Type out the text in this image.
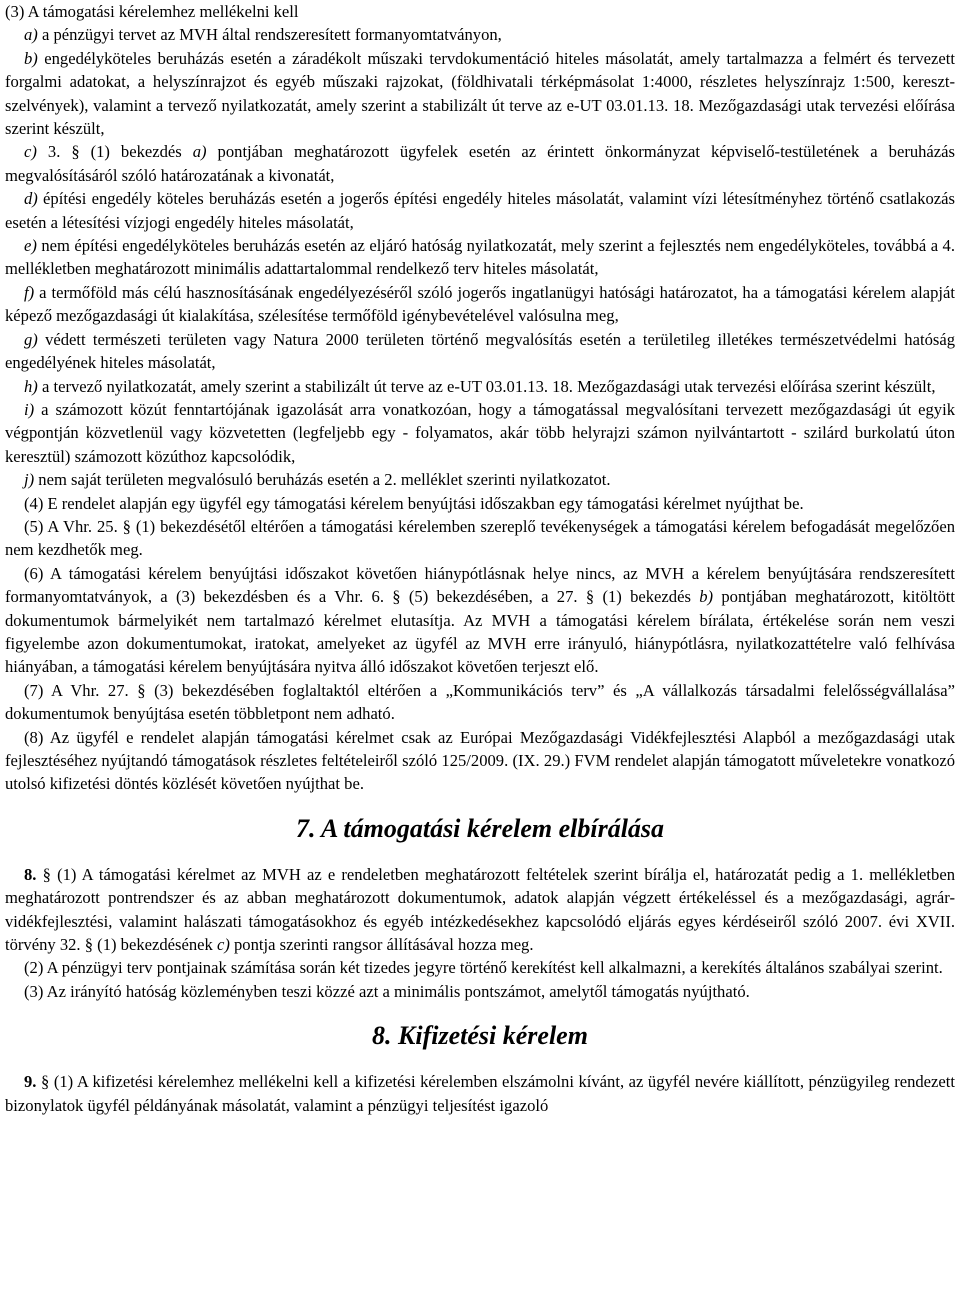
(3) A támogatási kérelemhez mellékelni kell

a) a pénzügyi tervet az MVH által rendszeresített formanyomtatványon,

b) engedélyköteles beruházás esetén a záradékolt műszaki tervdokumentáció hiteles másolatát, amely tartalmazza a felmért és tervezett forgalmi adatokat, a helyszínrajzot és egyéb műszaki rajzokat, (földhivatali térképmásolat 1:4000, részletes helyszínrajz 1:500, kereszt-szelvények), valamint a tervező nyilatkozatát, amely szerint a stabilizált út terve az e-UT 03.01.13. 18. Mezőgazdasági utak tervezési előírása szerint készült,

c) 3. § (1) bekezdés a) pontjában meghatározott ügyfelek esetén az érintett önkormányzat képviselő-testületének a beruházás megvalósításáról szóló határozatának a kivonatát,

d) építési engedély köteles beruházás esetén a jogerős építési engedély hiteles másolatát, valamint vízi létesítményhez történő csatlakozás esetén a létesítési vízjogi engedély hiteles másolatát,

e) nem építési engedélyköteles beruházás esetén az eljáró hatóság nyilatkozatát, mely szerint a fejlesztés nem engedélyköteles, továbbá a 4. mellékletben meghatározott minimális adattartalommal rendelkező terv hiteles másolatát,

f) a termőföld más célú hasznosításának engedélyezéséről szóló jogerős ingatlanügyi hatósági határozatot, ha a támogatási kérelem alapját képező mezőgazdasági út kialakítása, szélesítése termőföld igénybevételével valósulna meg,

g) védett természeti területen vagy Natura 2000 területen történő megvalósítás esetén a területileg illetékes természetvédelmi hatóság engedélyének hiteles másolatát,

h) a tervező nyilatkozatát, amely szerint a stabilizált út terve az e-UT 03.01.13. 18. Mezőgazdasági utak tervezési előírása szerint készült,

i) a számozott közút fenntartójának igazolását arra vonatkozóan, hogy a támogatással megvalósítani tervezett mezőgazdasági út egyik végpontján közvetlenül vagy közvetetten (legfeljebb egy - folyamatos, akár több helyrajzi számon nyilvántartott - szilárd burkolatú úton keresztül) számozott közúthoz kapcsolódik,

j) nem saját területen megvalósuló beruházás esetén a 2. melléklet szerinti nyilatkozatot.

(4) E rendelet alapján egy ügyfél egy támogatási kérelem benyújtási időszakban egy támogatási kérelmet nyújthat be.

(5) A Vhr. 25. § (1) bekezdésétől eltérően a támogatási kérelemben szereplő tevékenységek a támogatási kérelem befogadását megelőzően nem kezdhetők meg.

(6) A támogatási kérelem benyújtási időszakot követően hiánypótlásnak helye nincs, az MVH a kérelem benyújtására rendszeresített formanyomtatványok, a (3) bekezdésben és a Vhr. 6. § (5) bekezdésében, a 27. § (1) bekezdés b) pontjában meghatározott, kitöltött dokumentumok bármelyikét nem tartalmazó kérelmet elutasítja. Az MVH a támogatási kérelem bírálata, értékelése során nem veszi figyelembe azon dokumentumokat, iratokat, amelyeket az ügyfél az MVH erre irányuló, hiánypótlásra, nyilatkozattételre való felhívása hiányában, a támogatási kérelem benyújtására nyitva álló időszakot követően terjeszt elő.

(7) A Vhr. 27. § (3) bekezdésében foglaltaktól eltérően a „Kommunikációs terv” és „A vállalkozás társadalmi felelősségvállalása” dokumentumok benyújtása esetén többletpont nem adható.

(8) Az ügyfél e rendelet alapján támogatási kérelmet csak az Európai Mezőgazdasági Vidékfejlesztési Alapból a mezőgazdasági utak fejlesztéséhez nyújtandó támogatások részletes feltételeiről szóló 125/2009. (IX. 29.) FVM rendelet alapján támogatott műveletekre vonatkozó utolsó kifizetési döntés közlését követően nyújthat be.

7. A támogatási kérelem elbírálása

8. § (1) A támogatási kérelmet az MVH az e rendeletben meghatározott feltételek szerint bírálja el, határozatát pedig a 1. mellékletben meghatározott pontrendszer és az abban meghatározott dokumentumok, adatok alapján végzett értékeléssel és a mezőgazdasági, agrár-vidékfejlesztési, valamint halászati támogatásokhoz és egyéb intézkedésekhez kapcsolódó eljárás egyes kérdéseiről szóló 2007. évi XVII. törvény 32. § (1) bekezdésének c) pontja szerinti rangsor állításával hozza meg.

(2) A pénzügyi terv pontjainak számítása során két tizedes jegyre történő kerekítést kell alkalmazni, a kerekítés általános szabályai szerint.

(3) Az irányító hatóság közleményben teszi közzé azt a minimális pontszámot, amelytől támogatás nyújtható.

8. Kifizetési kérelem

9. § (1) A kifizetési kérelemhez mellékelni kell a kifizetési kérelemben elszámolni kívánt, az ügyfél nevére kiállított, pénzügyileg rendezett bizonylatok ügyfél példányának másolatát, valamint a pénzügyi teljesítést igazoló
